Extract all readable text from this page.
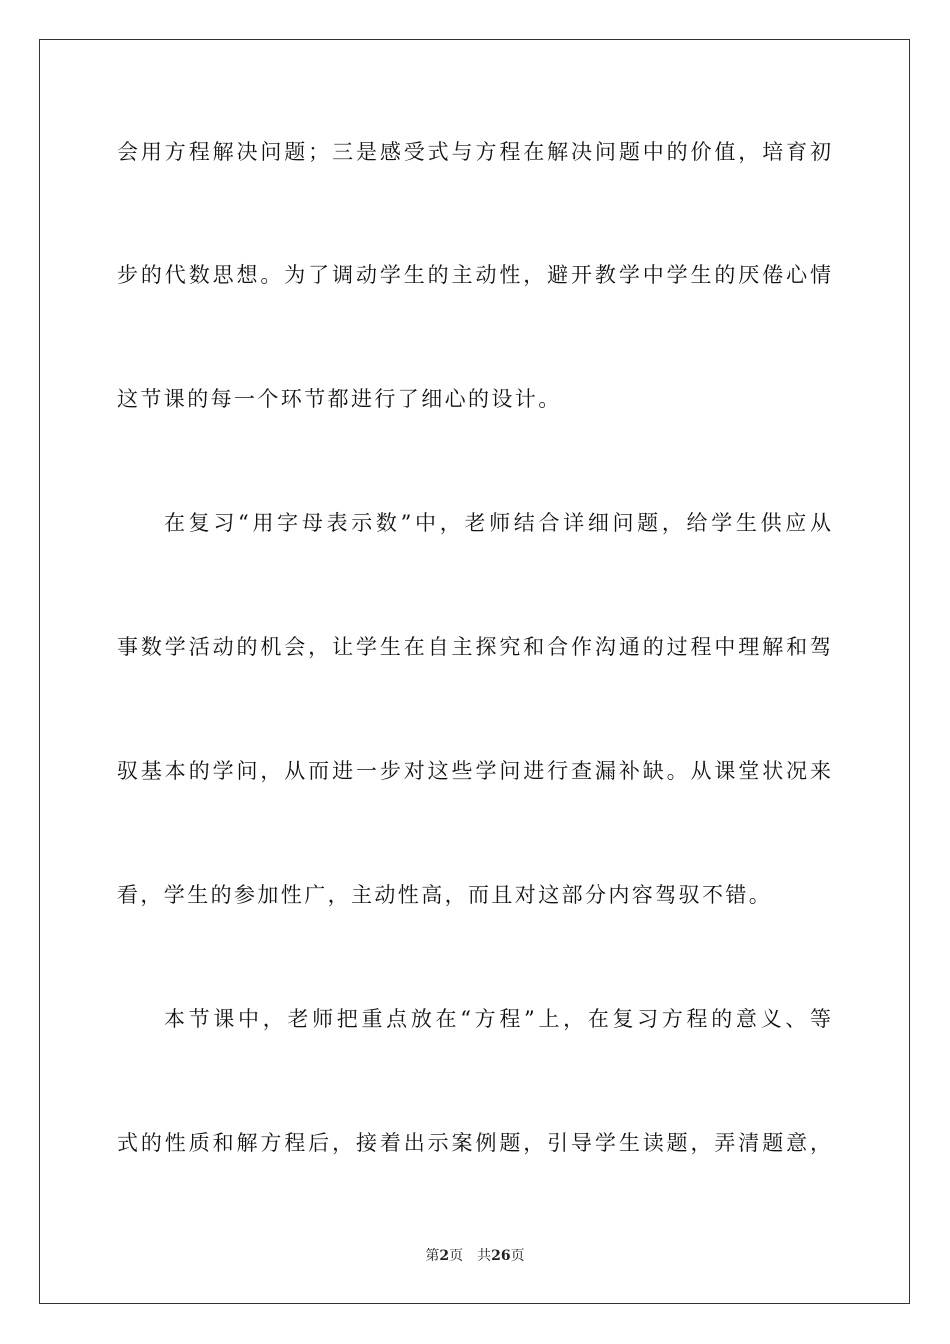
会用方程解决问题；三是感受式与方程在解决问题中的价值，培育初
步的代数思想。为了调动学生的主动性，避开教学中学生的厌倦心情
这节课的每一个环节都进行了细心的设计。
在复习“用字母表示数”中，老师结合详细问题，给学生供应从
事数学活动的机会，让学生在自主探究和合作沟通的过程中理解和驾
驭基本的学问，从而进一步对这些学问进行查漏补缺。从课堂状况来
看，学生的参加性广，主动性高，而且对这部分内容驾驭不错。
本节课中，老师把重点放在“方程”上，在复习方程的意义、等
式的性质和解方程后，接着出示案例题，引导学生读题，弄清题意，
第2页 共26页
